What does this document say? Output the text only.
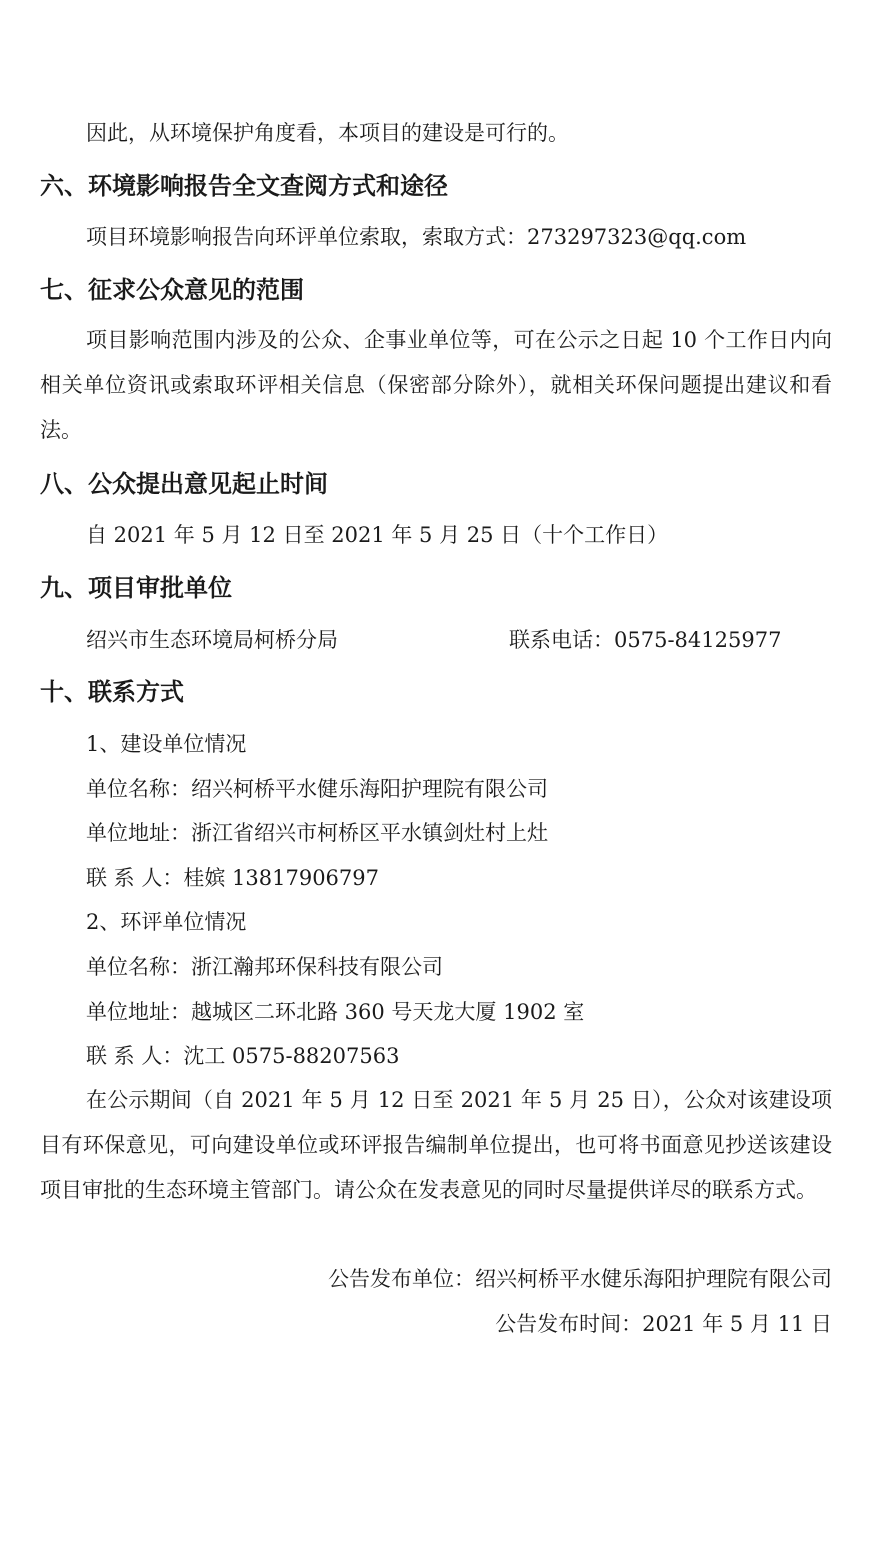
因此，从环境保护角度看，本项目的建设是可行的。
六、环境影响报告全文查阅方式和途径
项目环境影响报告向环评单位索取，索取方式：273297323@qq.com
七、征求公众意见的范围
项目影响范围内涉及的公众、企事业单位等，可在公示之日起 10 个工作日内向相关单位资讯或索取环评相关信息（保密部分除外），就相关环保问题提出建议和看法。
八、公众提出意见起止时间
自 2021 年 5 月 12 日至 2021 年 5 月 25 日（十个工作日）
九、项目审批单位
绍兴市生态环境局柯桥分局	联系电话：0575-84125977
十、联系方式
1、建设单位情况
单位名称：绍兴柯桥平水健乐海阳护理院有限公司
单位地址：浙江省绍兴市柯桥区平水镇剑灶村上灶
联 系 人：桂嫔 13817906797
2、环评单位情况
单位名称：浙江瀚邦环保科技有限公司
单位地址：越城区二环北路 360 号天龙大厦 1902 室
联 系 人：沈工 0575-88207563
在公示期间（自 2021 年 5 月 12 日至 2021 年 5 月 25 日），公众对该建设项目有环保意见，可向建设单位或环评报告编制单位提出，也可将书面意见抄送该建设项目审批的生态环境主管部门。请公众在发表意见的同时尽量提供详尽的联系方式。
公告发布单位：绍兴柯桥平水健乐海阳护理院有限公司
公告发布时间：2021 年 5 月 11 日
